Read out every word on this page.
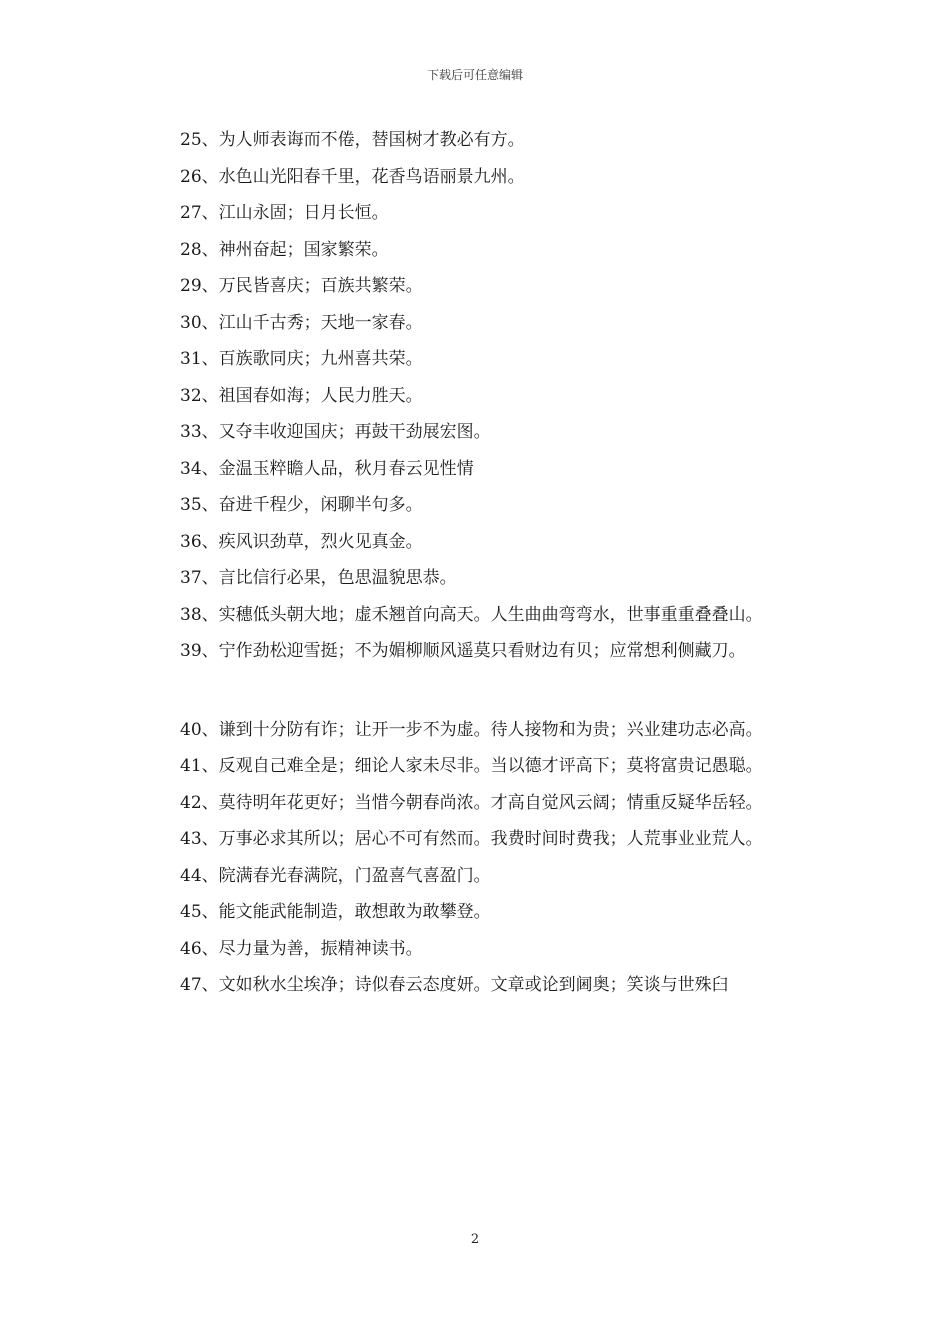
下载后可任意编辑

25、为人师表诲而不倦，替国树才教必有方。

26、水色山光阳春千里，花香鸟语丽景九州。

27、江山永固；日月长恒。

28、神州奋起；国家繁荣。

29、万民皆喜庆；百族共繁荣。

30、江山千古秀；天地一家春。

31、百族歌同庆；九州喜共荣。

32、祖国春如海；人民力胜天。

33、又夺丰收迎国庆；再鼓干劲展宏图。

34、金温玉粹瞻人品，秋月春云见性情

35、奋进千程少，闲聊半句多。

36、疾风识劲草，烈火见真金。

37、言比信行必果，色思温貌思恭。

38、实穗低头朝大地；虚禾翘首向高天。人生曲曲弯弯水，世事重重叠叠山。

39、宁作劲松迎雪挺；不为媚柳顺风遥莫只看财边有贝；应常想利侧藏刀。

40、谦到十分防有诈；让开一步不为虚。待人接物和为贵；兴业建功志必高。

41、反观自己难全是；细论人家未尽非。当以德才评高下；莫将富贵记愚聪。

42、莫待明年花更好；当惜今朝春尚浓。才高自觉风云阔；情重反疑华岳轻。

43、万事必求其所以；居心不可有然而。我费时间时费我；人荒事业业荒人。

44、院满春光春满院，门盈喜气喜盈门。

45、能文能武能制造，敢想敢为敢攀登。

46、尽力量为善，振精神读书。

47、文如秋水尘埃净；诗似春云态度妍。文章或论到阃奥；笑谈与世殊臼

2
